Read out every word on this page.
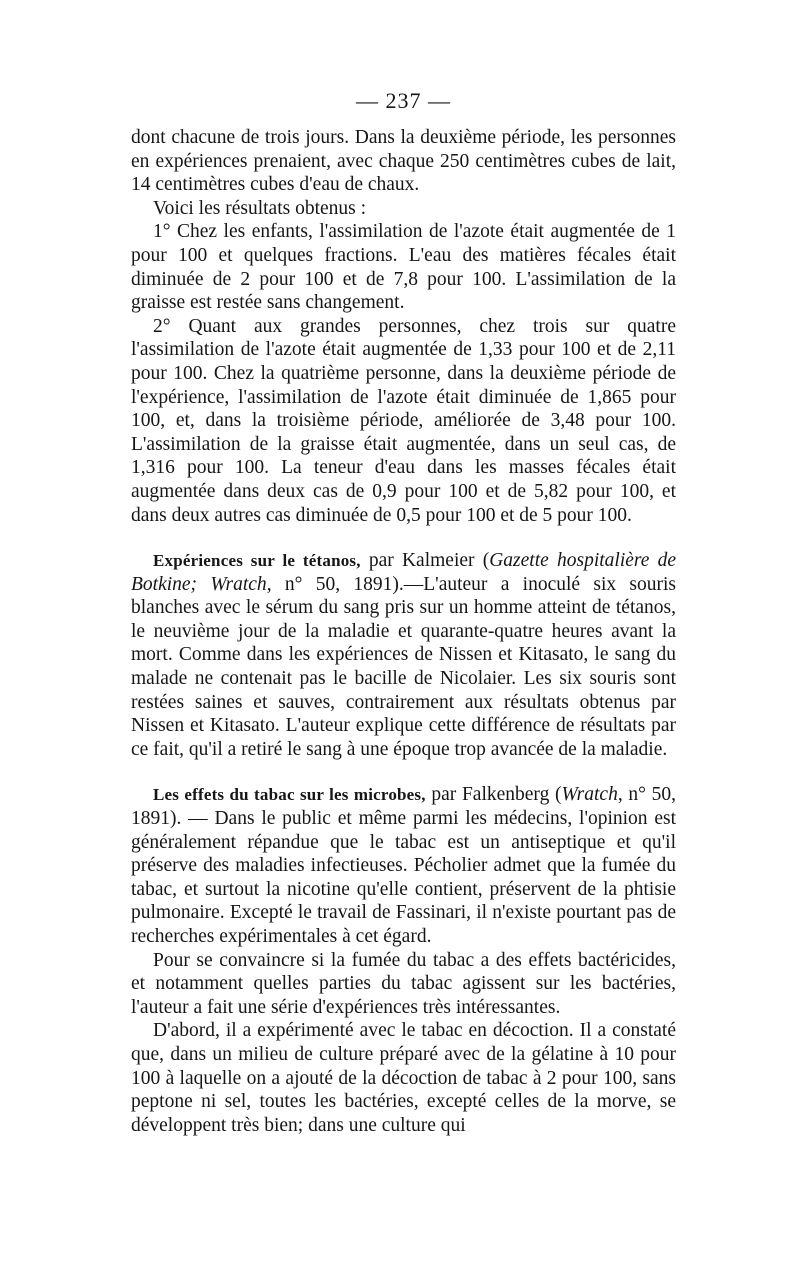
— 237 —

dont chacune de trois jours. Dans la deuxième période, les personnes en expériences prenaient, avec chaque 250 centimètres cubes de lait, 14 centimètres cubes d'eau de chaux.

Voici les résultats obtenus :

1° Chez les enfants, l'assimilation de l'azote était augmentée de 1 pour 100 et quelques fractions. L'eau des matières fécales était diminuée de 2 pour 100 et de 7,8 pour 100. L'assimilation de la graisse est restée sans changement.

2° Quant aux grandes personnes, chez trois sur quatre l'assimilation de l'azote était augmentée de 1,33 pour 100 et de 2,11 pour 100. Chez la quatrième personne, dans la deuxième période de l'expérience, l'assimilation de l'azote était diminuée de 1,865 pour 100, et, dans la troisième période, améliorée de 3,48 pour 100. L'assimilation de la graisse était augmentée, dans un seul cas, de 1,316 pour 100. La teneur d'eau dans les masses fécales était augmentée dans deux cas de 0,9 pour 100 et de 5,82 pour 100, et dans deux autres cas diminuée de 0,5 pour 100 et de 5 pour 100.

Expériences sur le tétanos, par Kalmeier (Gazette hospitalière de Botkine; Wratch, n° 50, 1891).—L'auteur a inoculé six souris blanches avec le sérum du sang pris sur un homme atteint de tétanos, le neuvième jour de la maladie et quarante-quatre heures avant la mort. Comme dans les expériences de Nissen et Kitasato, le sang du malade ne contenait pas le bacille de Nicolaier. Les six souris sont restées saines et sauves, contrairement aux résultats obtenus par Nissen et Kitasato. L'auteur explique cette différence de résultats par ce fait, qu'il a retiré le sang à une époque trop avancée de la maladie.

Les effets du tabac sur les microbes, par Falkenberg (Wratch, n° 50, 1891). — Dans le public et même parmi les médecins, l'opinion est généralement répandue que le tabac est un antiseptique et qu'il préserve des maladies infectieuses. Pécholier admet que la fumée du tabac, et surtout la nicotine qu'elle contient, préservent de la phtisie pulmonaire. Excepté le travail de Fassinari, il n'existe pourtant pas de recherches expérimentales à cet égard.

Pour se convaincre si la fumée du tabac a des effets bactéricides, et notamment quelles parties du tabac agissent sur les bactéries, l'auteur a fait une série d'expériences très intéressantes.

D'abord, il a expérimenté avec le tabac en décoction. Il a constaté que, dans un milieu de culture préparé avec de la gélatine à 10 pour 100 à laquelle on a ajouté de la décoction de tabac à 2 pour 100, sans peptone ni sel, toutes les bactéries, excepté celles de la morve, se développent très bien; dans une culture qui
